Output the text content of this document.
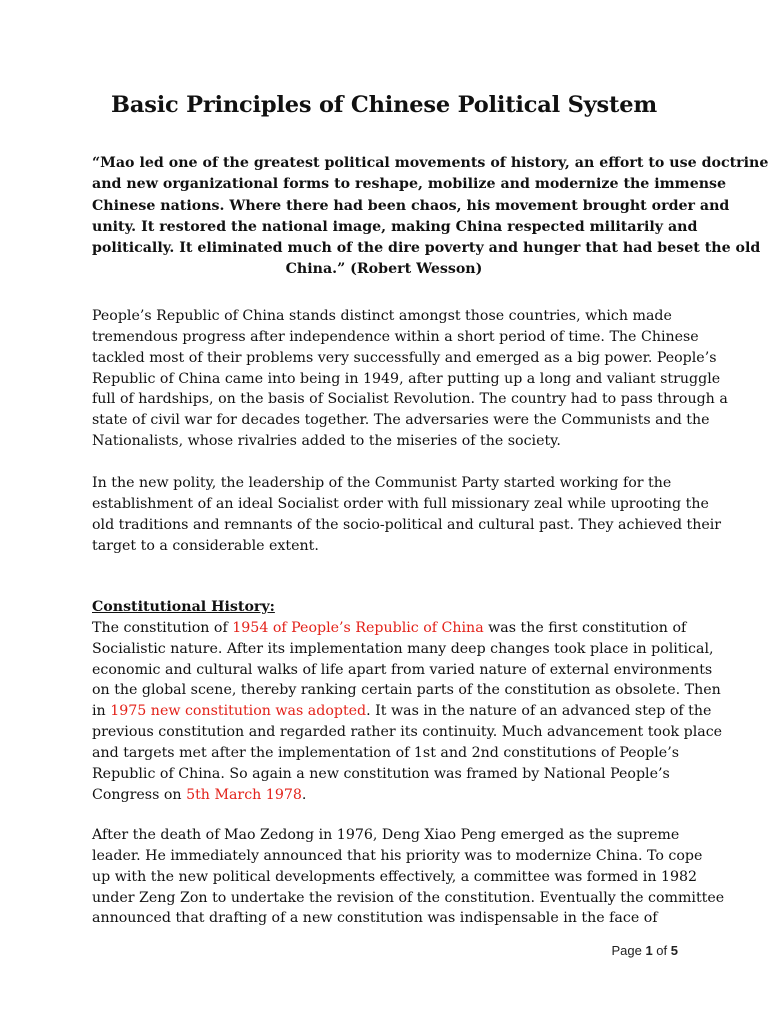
Basic Principles of Chinese Political System
“Mao led one of the greatest political movements of history, an effort to use doctrine
and new organizational forms to reshape, mobilize and modernize the immense
Chinese nations. Where there had been chaos, his movement brought order and
unity. It restored the national image, making China respected militarily and
politically. It eliminated much of the dire poverty and hunger that had beset the old
China.” (Robert Wesson)
People’s Republic of China stands distinct amongst those countries, which made
tremendous progress after independence within a short period of time. The Chinese
tackled most of their problems very successfully and emerged as a big power. People’s
Republic of China came into being in 1949, after putting up a long and valiant struggle
full of hardships, on the basis of Socialist Revolution. The country had to pass through a
state of civil war for decades together. The adversaries were the Communists and the
Nationalists, whose rivalries added to the miseries of the society.
In the new polity, the leadership of the Communist Party started working for the
establishment of an ideal Socialist order with full missionary zeal while uprooting the
old traditions and remnants of the socio-political and cultural past. They achieved their
target to a considerable extent.
Constitutional History:
The constitution of 1954 of People’s Republic of China was the first constitution of
Socialistic nature. After its implementation many deep changes took place in political,
economic and cultural walks of life apart from varied nature of external environments
on the global scene, thereby ranking certain parts of the constitution as obsolete. Then
in 1975 new constitution was adopted. It was in the nature of an advanced step of the
previous constitution and regarded rather its continuity. Much advancement took place
and targets met after the implementation of 1st and 2nd constitutions of People’s
Republic of China. So again a new constitution was framed by National People’s
Congress on 5th March 1978.
After the death of Mao Zedong in 1976, Deng Xiao Peng emerged as the supreme
leader. He immediately announced that his priority was to modernize China. To cope
up with the new political developments effectively, a committee was formed in 1982
under Zeng Zon to undertake the revision of the constitution. Eventually the committee
announced that drafting of a new constitution was indispensable in the face of
Page 1 of 5
